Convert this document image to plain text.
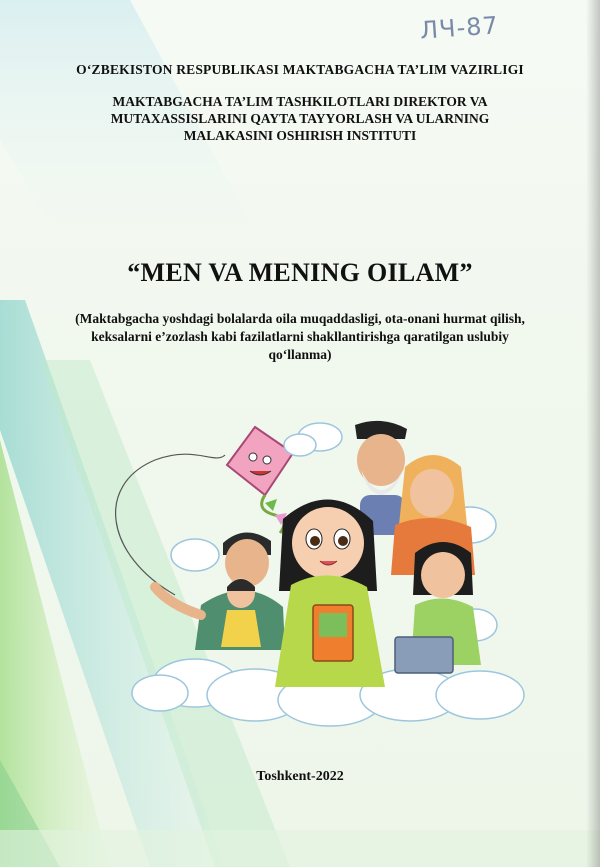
ЛЧ-87
O‘ZBEKISTON RESPUBLIKASI MAKTABGACHA TA’LIM VAZIRLIGI
MAKTABGACHA TA’LIM TASHKILOTLARI DIREKTOR VA
MUTAXASSISLARINI QAYTA TAYYORLASH VA ULARNING
MALAKASINI OSHIRISH INSTITUTI
“MEN VA MENING OILAM”
(Maktabgacha yoshdagi bolalarda oila muqaddasligi, ota-onani hurmat qilish,
keksalarni e’zozlash kabi fazilatlarni shakllantirishga qaratilgan uslubiy
qo‘llanma)
Toshkent-2022
